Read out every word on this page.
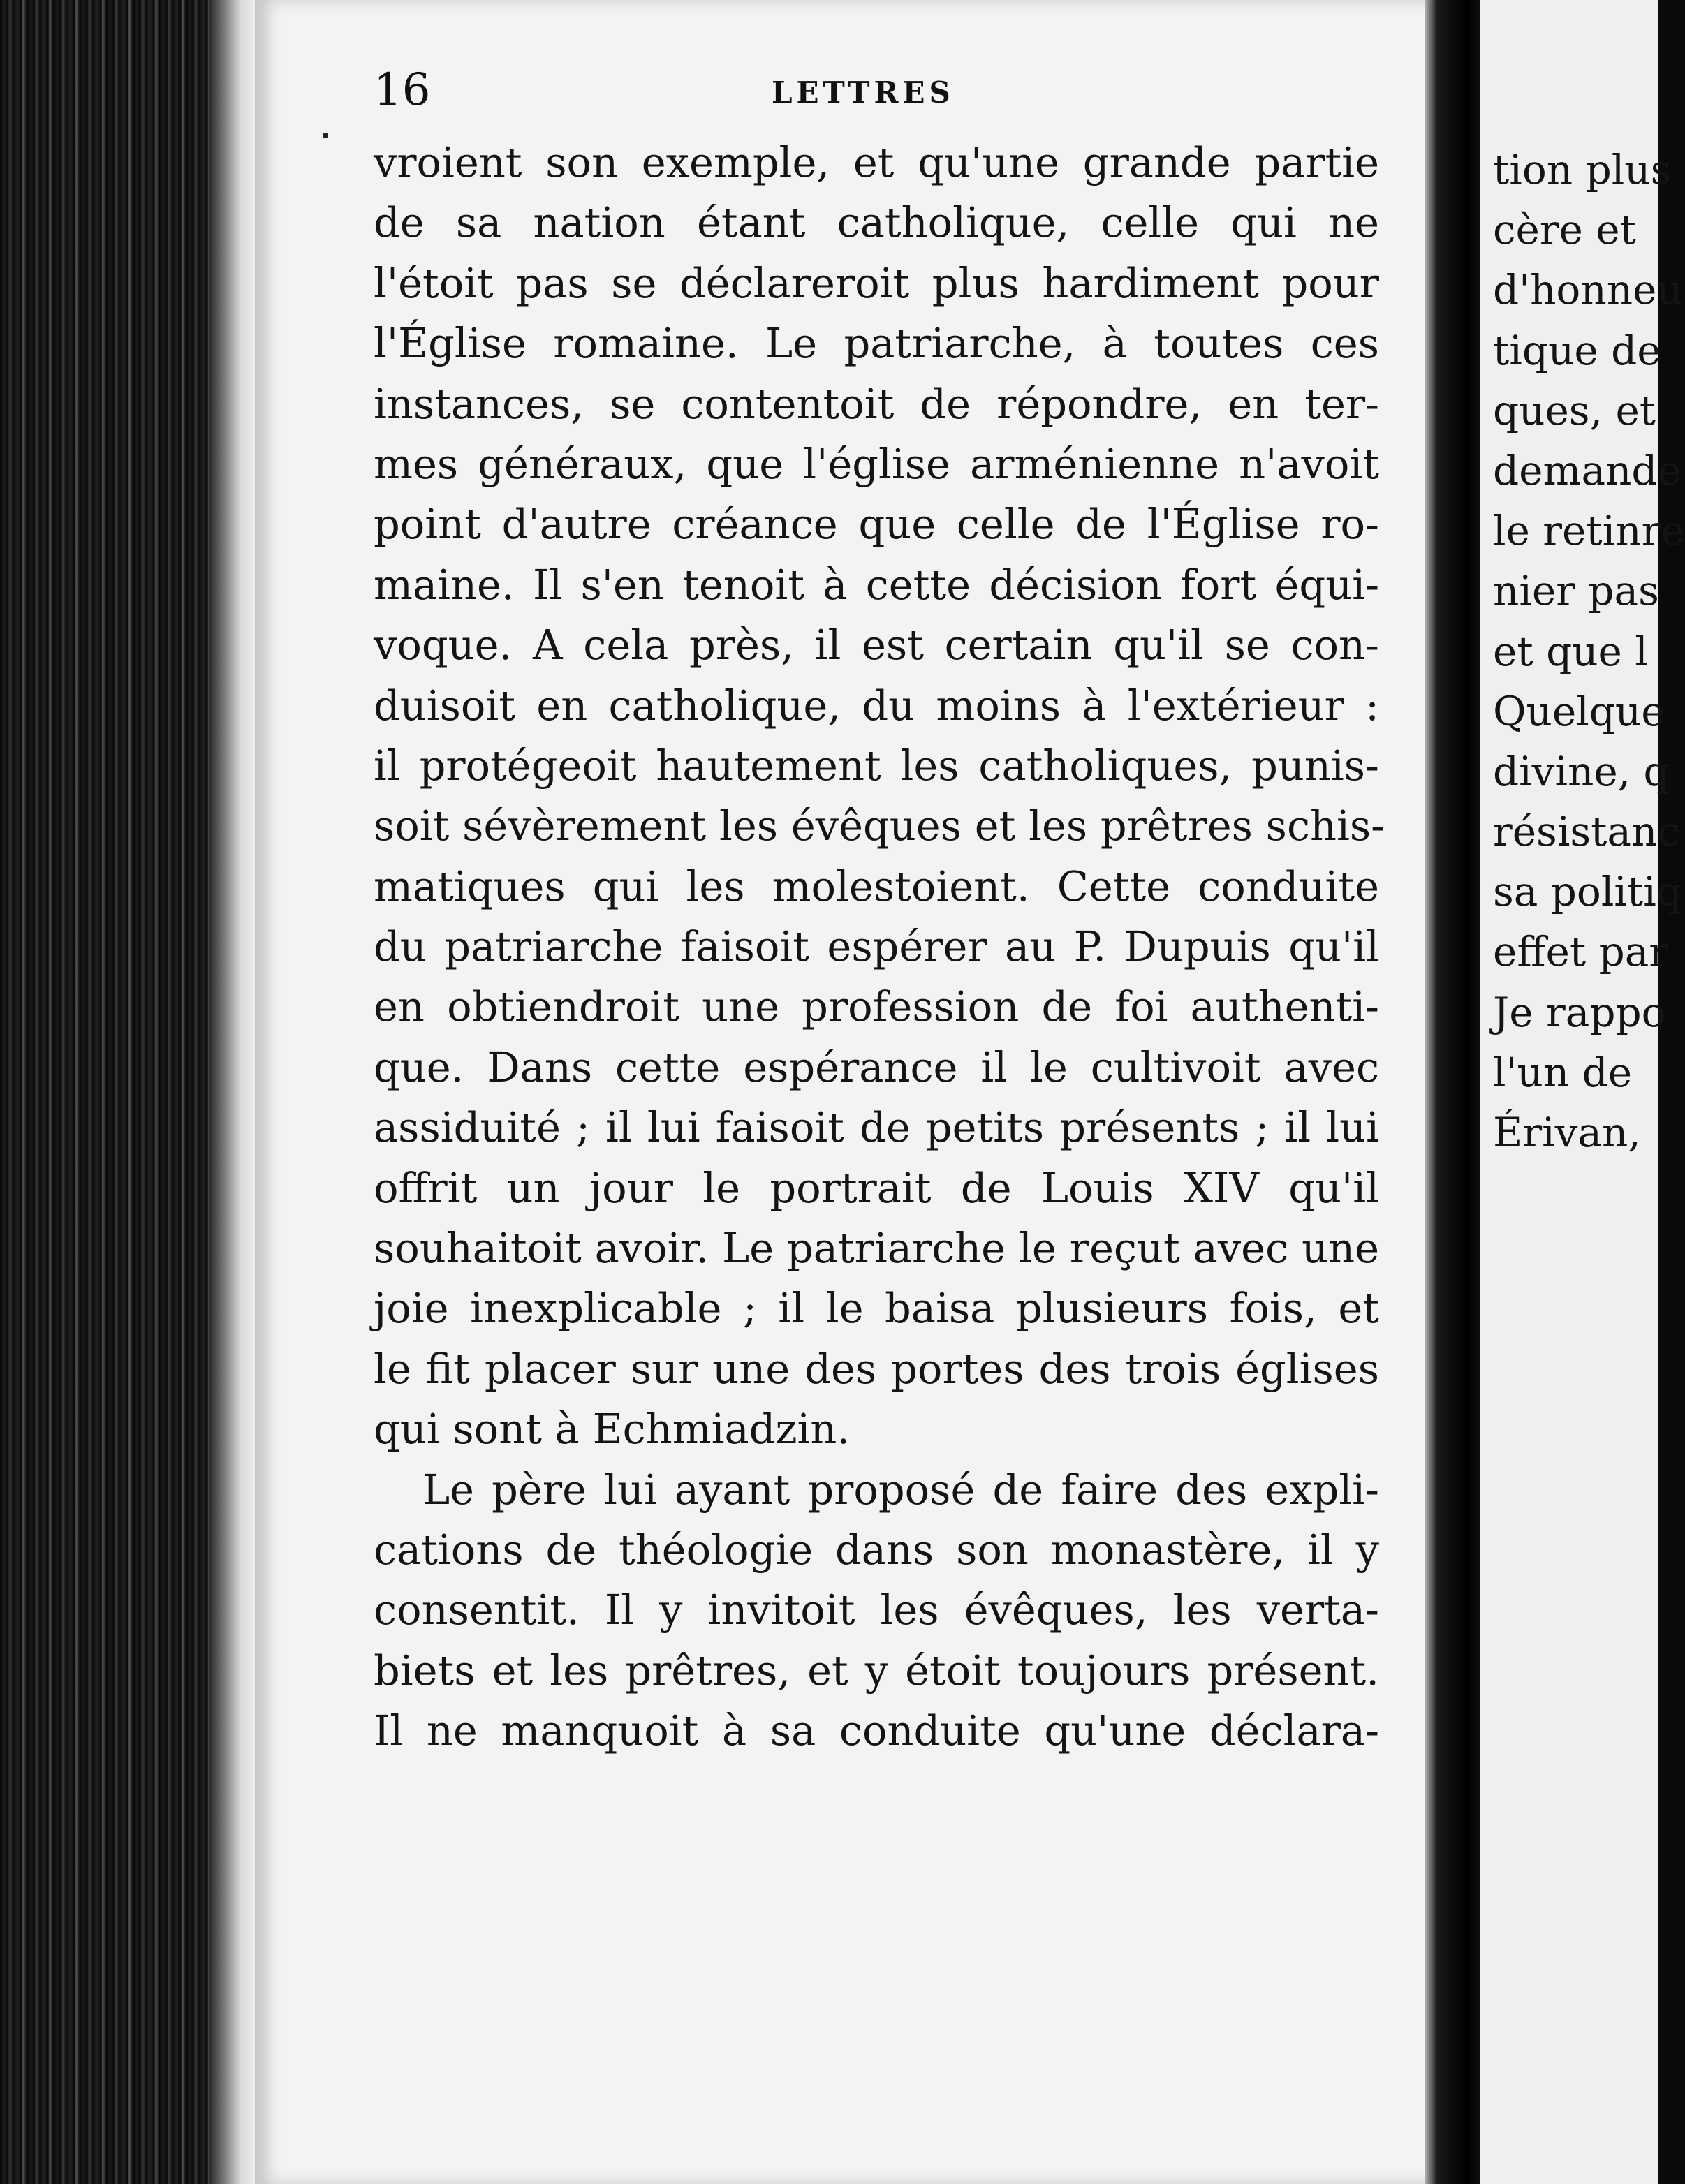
16	LETTRES
vroient son exemple, et qu'une grande partie
de sa nation étant catholique, celle qui ne
l'étoit pas se déclareroit plus hardiment pour
l'Église romaine. Le patriarche, à toutes ces
instances, se contentoit de répondre, en ter-
mes généraux, que l'église arménienne n'avoit
point d'autre créance que celle de l'Église ro-
maine. Il s'en tenoit à cette décision fort équi-
voque. A cela près, il est certain qu'il se con-
duisoit en catholique, du moins à l'extérieur :
il protégeoit hautement les catholiques, punis-
soit sévèrement les évêques et les prêtres schis-
matiques qui les molestoient. Cette conduite
du patriarche faisoit espérer au P. Dupuis qu'il
en obtiendroit une profession de foi authenti-
que. Dans cette espérance il le cultivoit avec
assiduité ; il lui faisoit de petits présents ; il lui
offrit un jour le portrait de Louis XIV qu'il
souhaitoit avoir. Le patriarche le reçut avec une
joie inexplicable ; il le baisa plusieurs fois, et
le fit placer sur une des portes des trois églises
qui sont à Echmiadzin.
Le père lui ayant proposé de faire des expli-
cations de théologie dans son monastère, il y
consentit. Il y invitoit les évêques, les verta-
biets et les prêtres, et y étoit toujours présent.
Il ne manquoit à sa conduite qu'une déclara-
tion plus
cère et
d'honneu
tique de
ques, et
demande
le retinre
nier pas
et que l
Quelque
divine, q
résistanc
sa politiq
effet par
Je rappo
l'un de
Érivan,
